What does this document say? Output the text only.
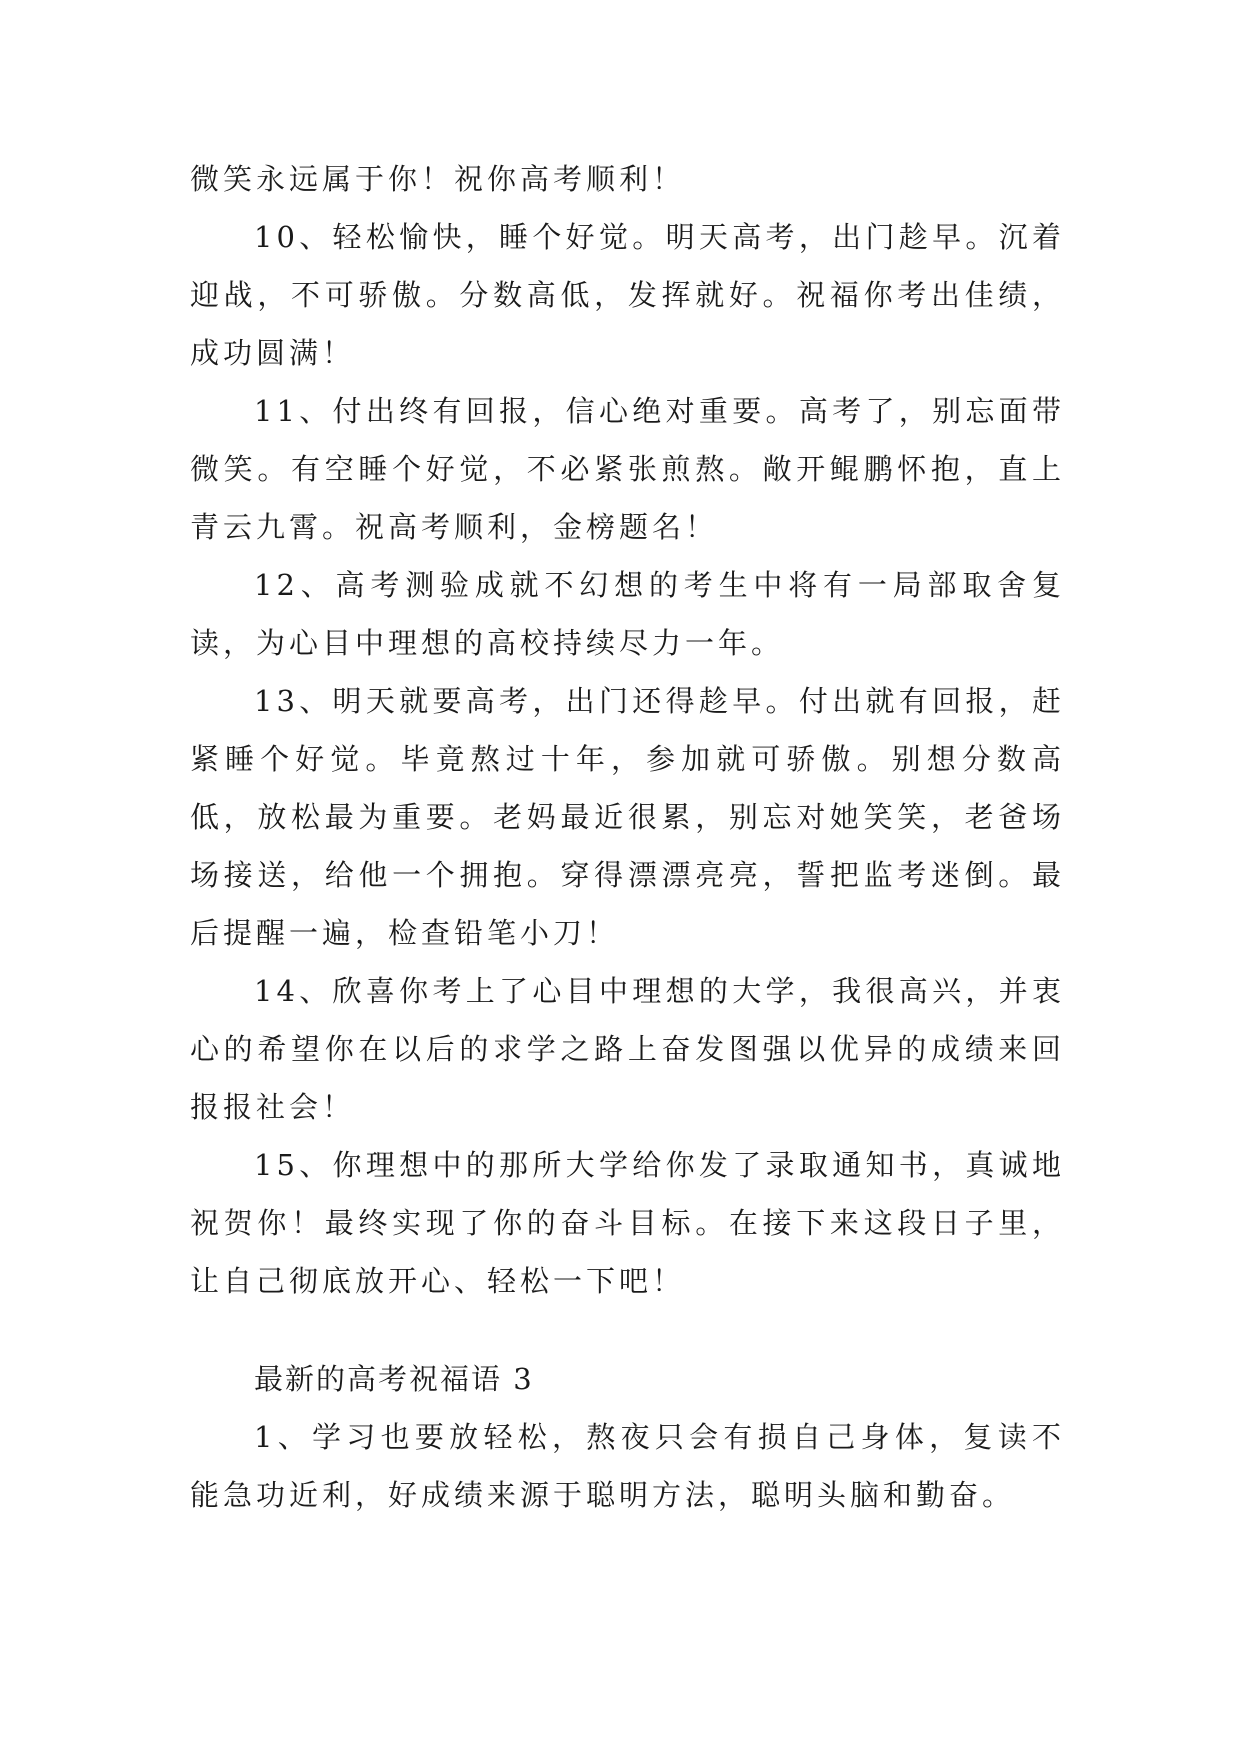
微笑永远属于你！祝你高考顺利！

10、轻松愉快，睡个好觉。明天高考，出门趁早。沉着迎战，不可骄傲。分数高低，发挥就好。祝福你考出佳绩，成功圆满！

11、付出终有回报，信心绝对重要。高考了，别忘面带微笑。有空睡个好觉，不必紧张煎熬。敞开鲲鹏怀抱，直上青云九霄。祝高考顺利，金榜题名！

12、高考测验成就不幻想的考生中将有一局部取舍复读，为心目中理想的高校持续尽力一年。

13、明天就要高考，出门还得趁早。付出就有回报，赶紧睡个好觉。毕竟熬过十年，参加就可骄傲。别想分数高低，放松最为重要。老妈最近很累，别忘对她笑笑，老爸场场接送，给他一个拥抱。穿得漂漂亮亮，誓把监考迷倒。最后提醒一遍，检查铅笔小刀！

14、欣喜你考上了心目中理想的大学，我很高兴，并衷心的希望你在以后的求学之路上奋发图强以优异的成绩来回报报社会！

15、你理想中的那所大学给你发了录取通知书，真诚地祝贺你！最终实现了你的奋斗目标。在接下来这段日子里，让自己彻底放开心、轻松一下吧！

最新的高考祝福语 3

1、学习也要放轻松，熬夜只会有损自己身体，复读不能急功近利，好成绩来源于聪明方法，聪明头脑和勤奋。
